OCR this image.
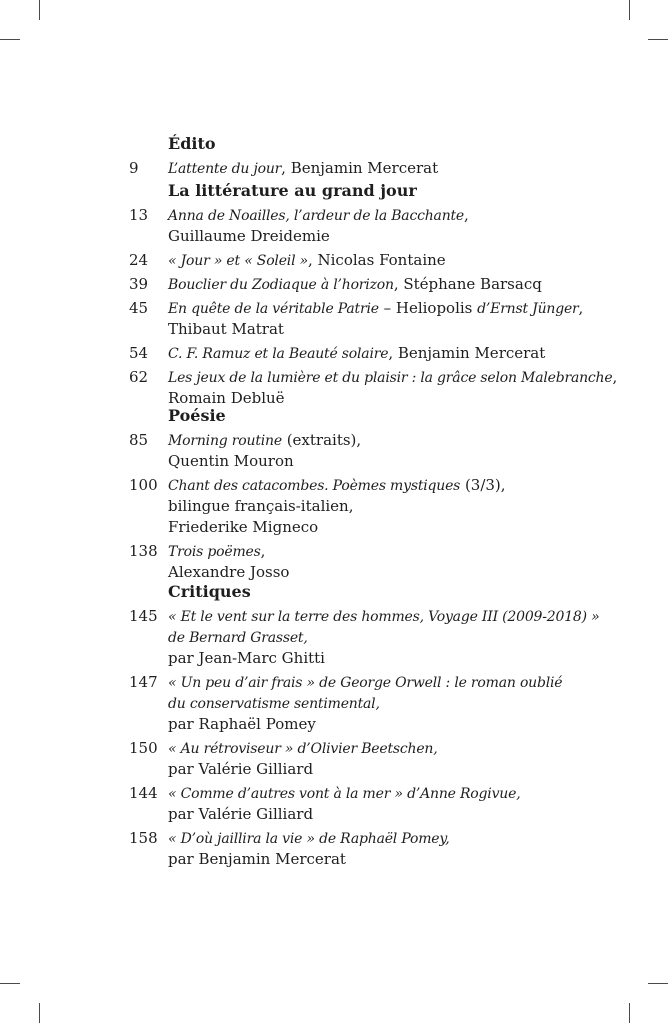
Édito
9 L’attente du jour, Benjamin Mercerat
La littérature au grand jour
13 Anna de Noailles, l’ardeur de la Bacchante,
Guillaume Dreidemie
24 « Jour » et « Soleil », Nicolas Fontaine
39 Bouclier du Zodiaque à l’horizon, Stéphane Barsacq
45 En quête de la véritable Patrie – Heliopolis d’Ernst Jünger,
Thibaut Matrat
54 C. F. Ramuz et la Beauté solaire, Benjamin Mercerat
62 Les jeux de la lumière et du plaisir : la grâce selon Malebranche,
Romain Debluë
Poésie
85 Morning routine (extraits),
Quentin Mouron
100 Chant des catacombes. Poèmes mystiques (3/3),
bilingue français-italien,
Friederike Migneco
138 Trois poëmes,
Alexandre Josso
Critiques
145 « Et le vent sur la terre des hommes, Voyage III (2009-2018) »
de Bernard Grasset,
par Jean-Marc Ghitti
147 « Un peu d’air frais » de George Orwell : le roman oublié
du conservatisme sentimental,
par Raphaël Pomey
150 « Au rétroviseur » d’Olivier Beetschen,
par Valérie Gilliard
144 « Comme d’autres vont à la mer » d’Anne Rogivue,
par Valérie Gilliard
158 « D’où jaillira la vie » de Raphaël Pomey,
par Benjamin Mercerat
